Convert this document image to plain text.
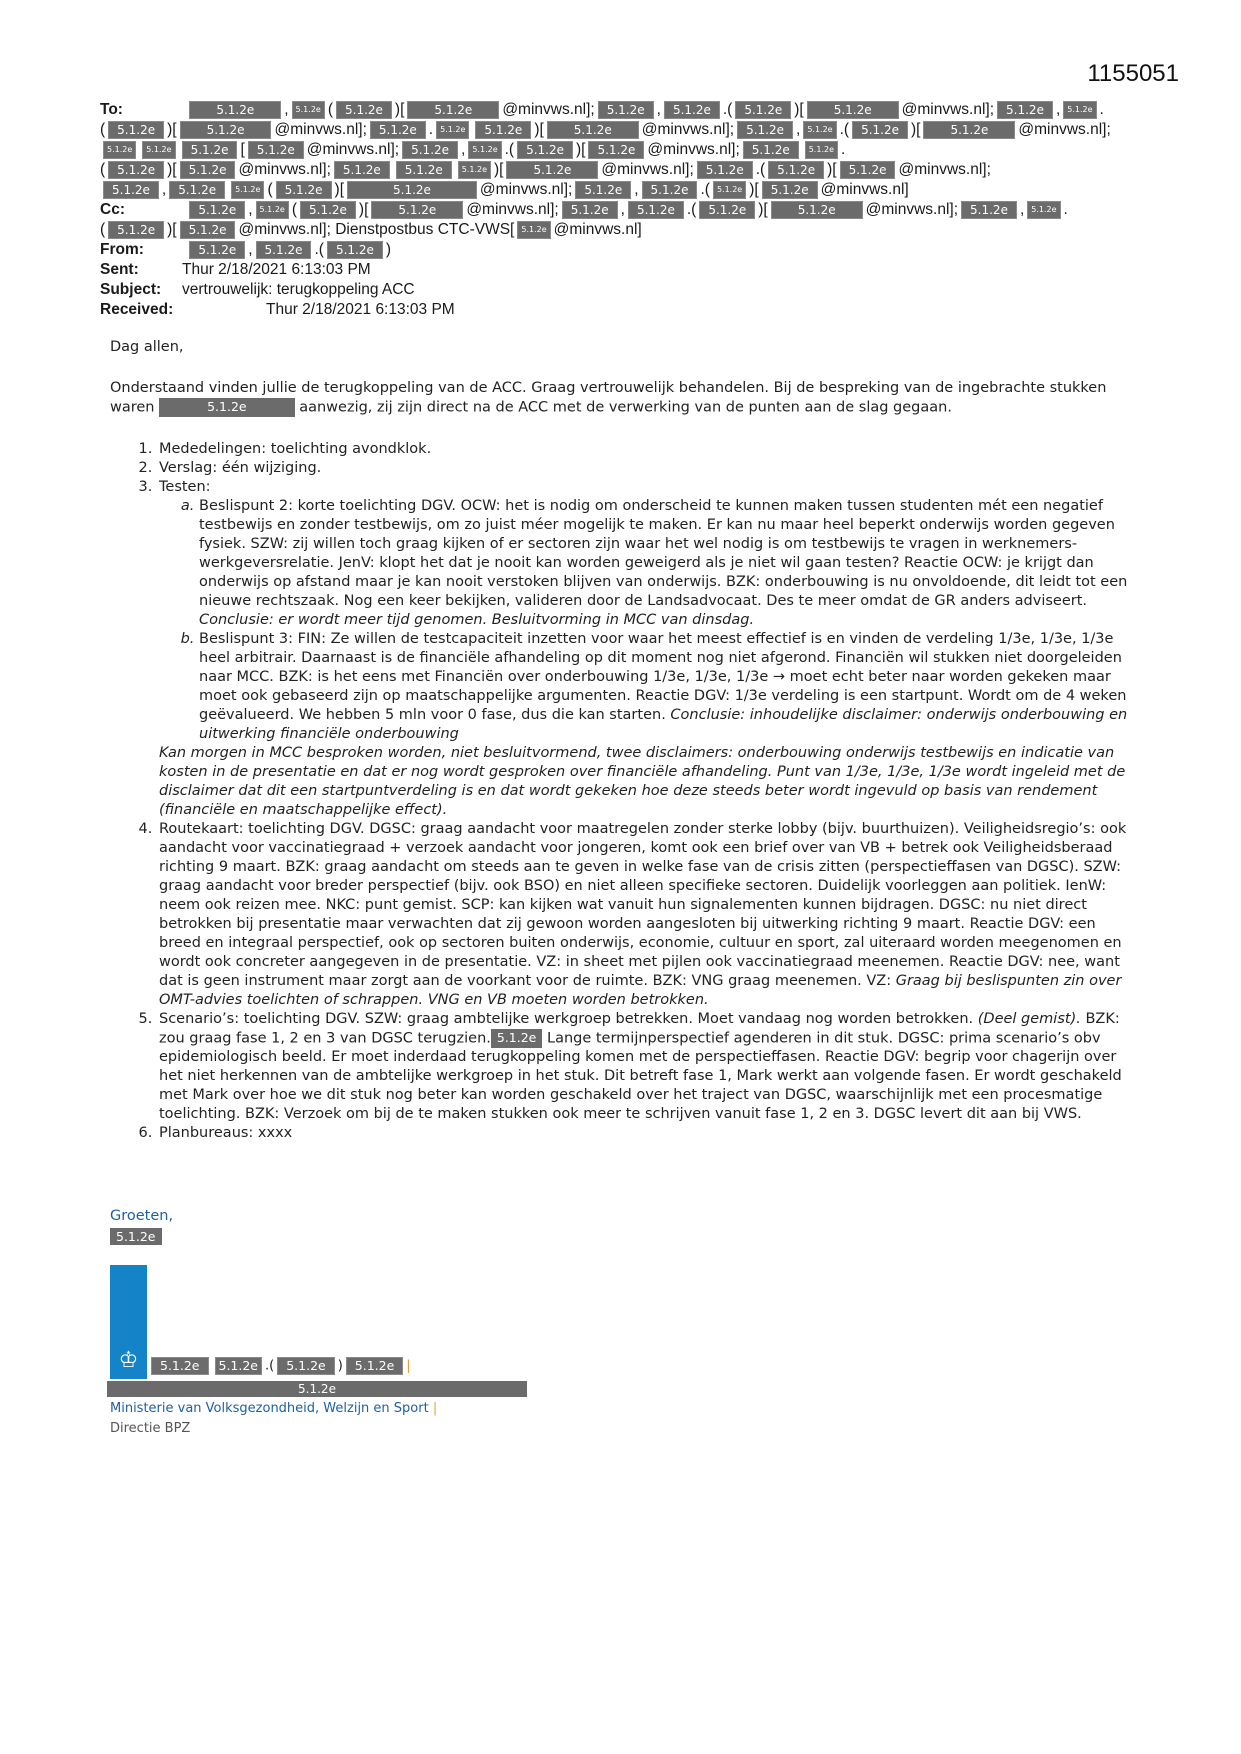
1155051
To:	5.1.2e , 5.1.2e ( 5.1.2e )[	5.1.2e @minvws.nl]; 5.1.2e , 5.1.2e .( 5.1.2e )[	5.1.2e @minvws.nl]; 5.1.2e , 5.1.2e .
( 5.1.2e )[	5.1.2e @minvws.nl]; 5.1.2e . 5.1.2e 5.1.2e )[	5.1.2e @minvws.nl]; 5.1.2e , 5.1.2e .( 5.1.2e )[	5.1.2e @minvws.nl];
5.1.2e 5.1.2e 5.1.2e [ 5.1.2e @minvws.nl]; 5.1.2e , 5.1.2e .( 5.1.2e )[ 5.1.2e @minvws.nl]; 5.1.2e 5.1.2e .
( 5.1.2e )[ 5.1.2e @minvws.nl]; 5.1.2e 5.1.2e 5.1.2e )[	5.1.2e @minvws.nl]; 5.1.2e .( 5.1.2e )[ 5.1.2e @minvws.nl];
5.1.2e , 5.1.2e 5.1.2e ( 5.1.2e )[	5.1.2e	@minvws.nl]; 5.1.2e , 5.1.2e .( 5.1.2e )[ 5.1.2e @minvws.nl]
Cc:	5.1.2e , 5.1.2e ( 5.1.2e )[	5.1.2e @minvws.nl]; 5.1.2e , 5.1.2e .( 5.1.2e )[	5.1.2e @minvws.nl]; 5.1.2e , 5.1.2e .
( 5.1.2e )[ 5.1.2e @minvws.nl]; Dienstpostbus CTC-VWS[ 5.1.2e @minvws.nl]
From:	5.1.2e , 5.1.2e .( 5.1.2e )
Sent:	Thur 2/18/2021 6:13:03 PM
Subject: vertrouwelijk: terugkoppeling ACC
Received:	Thur 2/18/2021 6:13:03 PM

Dag allen,

Onderstaand vinden jullie de terugkoppeling van de ACC. Graag vertrouwelijk behandelen. Bij de bespreking van de ingebrachte stukken waren	5.1.2e	aanwezig, zij zijn direct na de ACC met de verwerking van de punten aan de slag gegaan.

1. Mededelingen: toelichting avondklok.
2. Verslag: één wijziging.
3. Testen:
a. Beslispunt 2: korte toelichting DGV. OCW: het is nodig om onderscheid te kunnen maken tussen studenten mét een negatief testbewijs en zonder testbewijs, om zo juist méer mogelijk te maken. Er kan nu maar heel beperkt onderwijs worden gegeven fysiek. SZW: zij willen toch graag kijken of er sectoren zijn waar het wel nodig is om testbewijs te vragen in werknemers-werkgeversrelatie. JenV: klopt het dat je nooit kan worden geweigerd als je niet wil gaan testen? Reactie OCW: je krijgt dan onderwijs op afstand maar je kan nooit verstoken blijven van onderwijs. BZK: onderbouwing is nu onvoldoende, dit leidt tot een nieuwe rechtszaak. Nog een keer bekijken, valideren door de Landsadvocaat. Des te meer omdat de GR anders adviseert. Conclusie: er wordt meer tijd genomen. Besluitvorming in MCC van dinsdag.
b. Beslispunt 3: FIN: Ze willen de testcapaciteit inzetten voor waar het meest effectief is en vinden de verdeling 1/3e, 1/3e, 1/3e heel arbitrair. Daarnaast is de financiële afhandeling op dit moment nog niet afgerond. Financiën wil stukken niet doorgeleiden naar MCC. BZK: is het eens met Financiën over onderbouwing 1/3e, 1/3e, 1/3e → moet echt beter naar worden gekeken maar moet ook gebaseerd zijn op maatschappelijke argumenten. Reactie DGV: 1/3e verdeling is een startpunt. Wordt om de 4 weken geëvalueerd. We hebben 5 mln voor 0 fase, dus die kan starten. Conclusie: inhoudelijke disclaimer: onderwijs onderbouwing en uitwerking financiële onderbouwing
Kan morgen in MCC besproken worden, niet besluitvormend, twee disclaimers: onderbouwing onderwijs testbewijs en indicatie van kosten in de presentatie en dat er nog wordt gesproken over financiële afhandeling. Punt van 1/3e, 1/3e, 1/3e wordt ingeleid met de disclaimer dat dit een startpuntverdeling is en dat wordt gekeken hoe deze steeds beter wordt ingevuld op basis van rendement (financiële en maatschappelijke effect).
4. Routekaart: toelichting DGV. DGSC: graag aandacht voor maatregelen zonder sterke lobby (bijv. buurthuizen). Veiligheidsregio’s: ook aandacht voor vaccinatiegraad + verzoek aandacht voor jongeren, komt ook een brief over van VB + betrek ook Veiligheidsberaad richting 9 maart. BZK: graag aandacht om steeds aan te geven in welke fase van de crisis zitten (perspectieffasen van DGSC). SZW: graag aandacht voor breder perspectief (bijv. ook BSO) en niet alleen specifieke sectoren. Duidelijk voorleggen aan politiek. IenW: neem ook reizen mee. NKC: punt gemist. SCP: kan kijken wat vanuit hun signalementen kunnen bijdragen. DGSC: nu niet direct betrokken bij presentatie maar verwachten dat zij gewoon worden aangesloten bij uitwerking richting 9 maart. Reactie DGV: een breed en integraal perspectief, ook op sectoren buiten onderwijs, economie, cultuur en sport, zal uiteraard worden meegenomen en wordt ook concreter aangegeven in de presentatie. VZ: in sheet met pijlen ook vaccinatiegraad meenemen. Reactie DGV: nee, want dat is geen instrument maar zorgt aan de voorkant voor de ruimte. BZK: VNG graag meenemen. VZ: Graag bij beslispunten zin over OMT-advies toelichten of schrappen. VNG en VB moeten worden betrokken.
5. Scenario’s: toelichting DGV. SZW: graag ambtelijke werkgroep betrekken. Moet vandaag nog worden betrokken. (Deel gemist). BZK: zou graag fase 1, 2 en 3 van DGSC terugzien. 5.1.2e Lange termijnperspectief agenderen in dit stuk. DGSC: prima scenario’s obv epidemiologisch beeld. Er moet inderdaad terugkoppeling komen met de perspectieffasen. Reactie DGV: begrip voor chagerijn over het niet herkennen van de ambtelijke werkgroep in het stuk. Dit betreft fase 1, Mark werkt aan volgende fasen. Er wordt geschakeld met Mark over hoe we dit stuk nog beter kan worden geschakeld over het traject van DGSC, waarschijnlijk met een procesmatige toelichting. BZK: Verzoek om bij de te maken stukken ook meer te schrijven vanuit fase 1, 2 en 3. DGSC levert dit aan bij VWS.
6. Planbureaus: xxxx
Groeten,
5.1.2e
♔	5.1.2e 5.1.2e .( 5.1.2e ) 5.1.2e |
5.1.2e
Ministerie van Volksgezondheid, Welzijn en Sport |
Directie BPZ
